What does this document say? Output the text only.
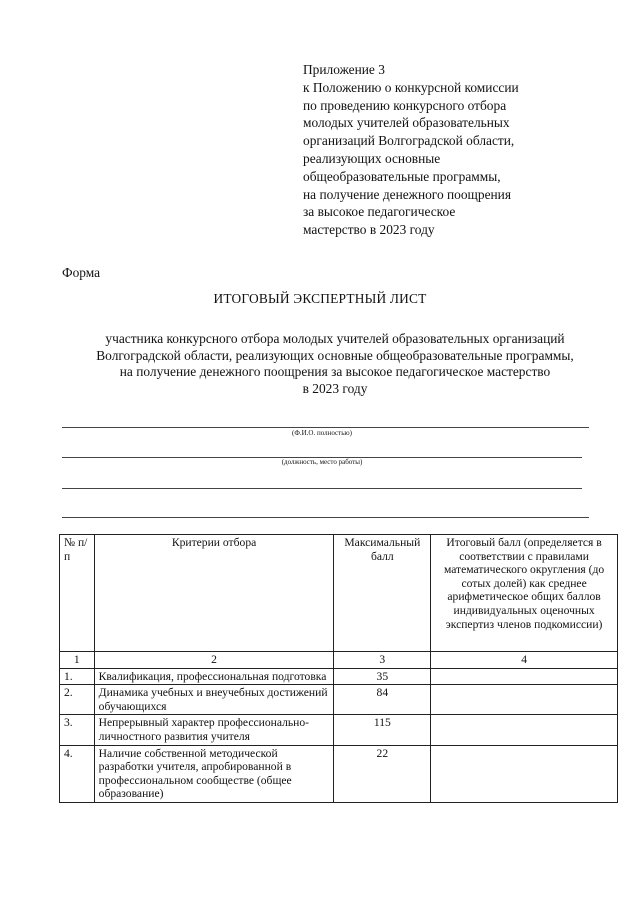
Приложение 3
к Положению о конкурсной комиссии
по проведению конкурсного отбора
молодых учителей образовательных
организаций Волгоградской области,
реализующих основные
общеобразовательные программы,
на получение денежного поощрения
за высокое педагогическое
мастерство в 2023 году
Форма
ИТОГОВЫЙ ЭКСПЕРТНЫЙ ЛИСТ
участника конкурсного отбора молодых учителей образовательных организаций
Волгоградской области, реализующих основные общеобразовательные программы,
на получение денежного поощрения за высокое педагогическое мастерство
в 2023 году
(Ф.И.О. полностью)
(должность, место работы)
№ п/п	Критерии отбора	Максимальный балл	Итоговый балл (определяется в соответствии с правилами математического округления (до сотых долей) как среднее арифметическое общих баллов индивидуальных оценочных экспертиз членов подкомиссии)
1	2	3	4
1.	Квалификация, профессиональная подготовка	35	
2.	Динамика учебных и внеучебных достижений обучающихся	84	
3.	Непрерывный характер профессионально-личностного развития учителя	115	
4.	Наличие собственной методической разработки учителя, апробированной в профессиональном сообществе (общее образование)	22	
